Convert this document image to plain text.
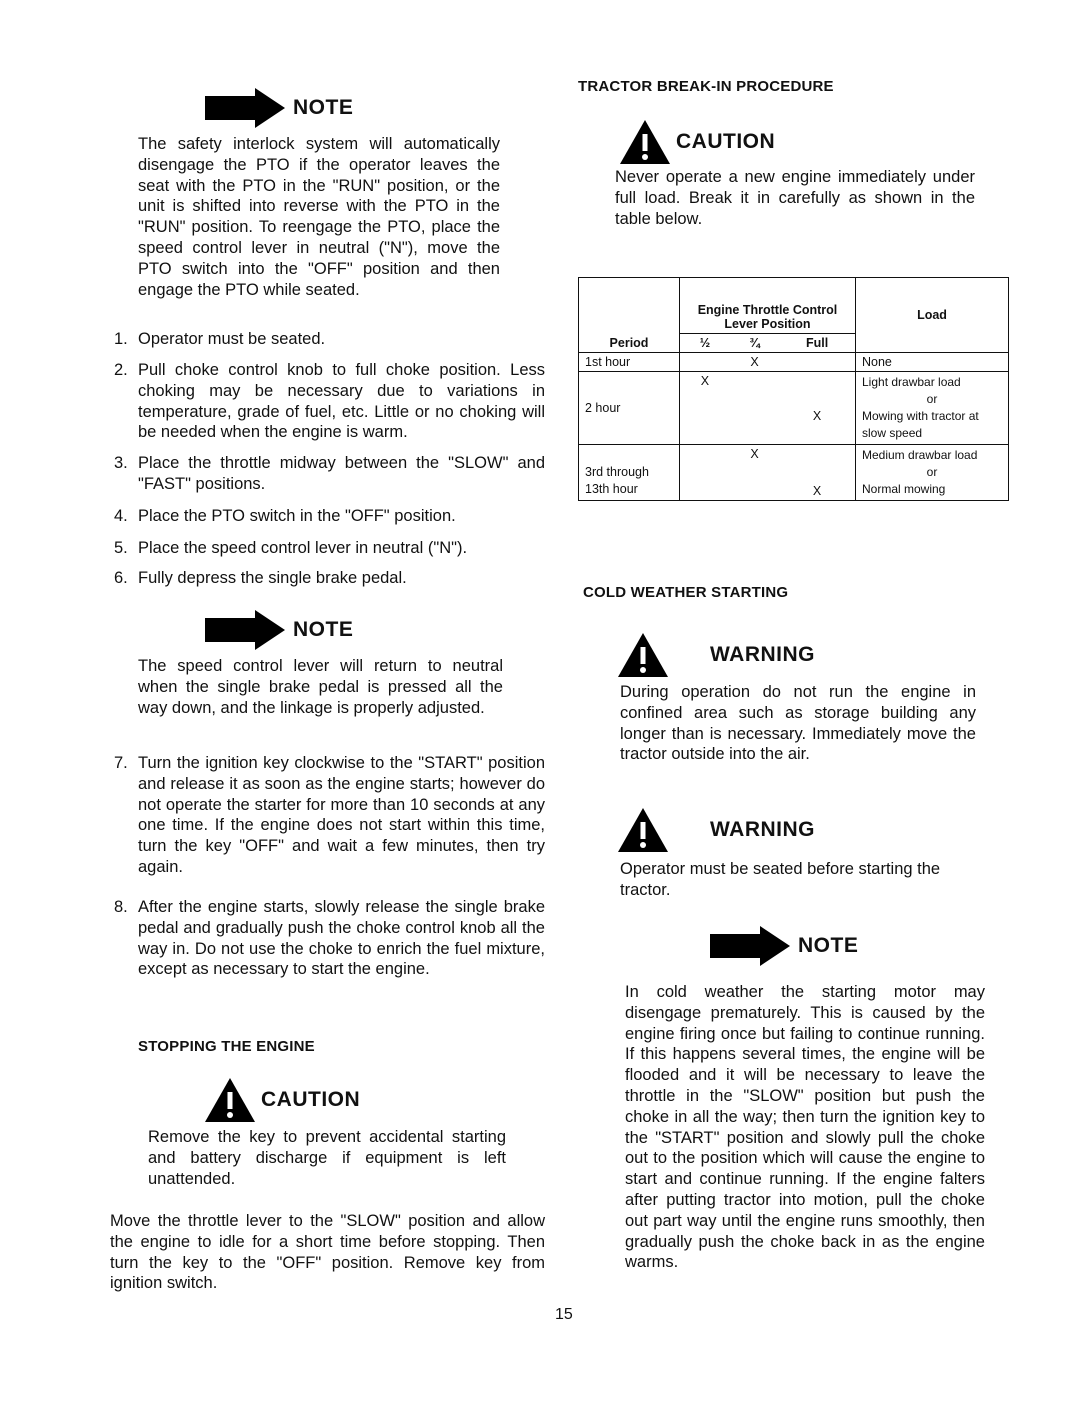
NOTE
The safety interlock system will automatically disengage the PTO if the operator leaves the seat with the PTO in the "RUN" position, or the unit is shifted into reverse with the PTO in the "RUN" position. To reengage the PTO, place the speed control lever in neutral ("N"), move the PTO switch into the "OFF" position and then engage the PTO while seated.
1. Operator must be seated.
2. Pull choke control knob to full choke position. Less choking may be necessary due to variations in temperature, grade of fuel, etc. Little or no choking will be needed when the engine is warm.
3. Place the throttle midway between the "SLOW" and "FAST" positions.
4. Place the PTO switch in the "OFF" position.
5. Place the speed control lever in neutral ("N").
6. Fully depress the single brake pedal.
NOTE
The speed control lever will return to neutral when the single brake pedal is pressed all the way down, and the linkage is properly adjusted.
7. Turn the ignition key clockwise to the "START" position and release it as soon as the engine starts; however do not operate the starter for more than 10 seconds at any one time. If the engine does not start within this time, turn the key "OFF" and wait a few minutes, then try again.
8. After the engine starts, slowly release the single brake pedal and gradually push the choke control knob all the way in. Do not use the choke to enrich the fuel mixture, except as necessary to start the engine.
STOPPING THE ENGINE
CAUTION
Remove the key to prevent accidental starting and battery discharge if equipment is left unattended.
Move the throttle lever to the "SLOW" position and allow the engine to idle for a short time before stopping. Then turn the key to the "OFF" position. Remove key from ignition switch.
15
TRACTOR BREAK-IN PROCEDURE
CAUTION
Never operate a new engine immediately under full load. Break it in carefully as shown in the table below.
Period	Engine Throttle Control Lever Position			Load
	½	¾	Full	
1st hour		X		None
2 hour	X		X	Light drawbar load
or
Mowing with tractor at slow speed

3rd through 13th hour		X	X	Medium drawbar load
or
Normal mowing
COLD WEATHER STARTING
WARNING
During operation do not run the engine in confined area such as storage building any longer than is necessary. Immediately move the tractor outside into the air.
WARNING
Operator must be seated before starting the tractor.
NOTE
In cold weather the starting motor may disengage prematurely. This is caused by the engine firing once but failing to continue running. If this happens several times, the engine will be flooded and it will be necessary to leave the throttle in the "SLOW" position but push the choke in all the way; then turn the ignition key to the "START" position and slowly pull the choke out to the position which will cause the engine to start and continue running. If the engine falters after putting tractor into motion, pull the choke out part way until the engine runs smoothly, then gradually push the choke back in as the engine warms.
